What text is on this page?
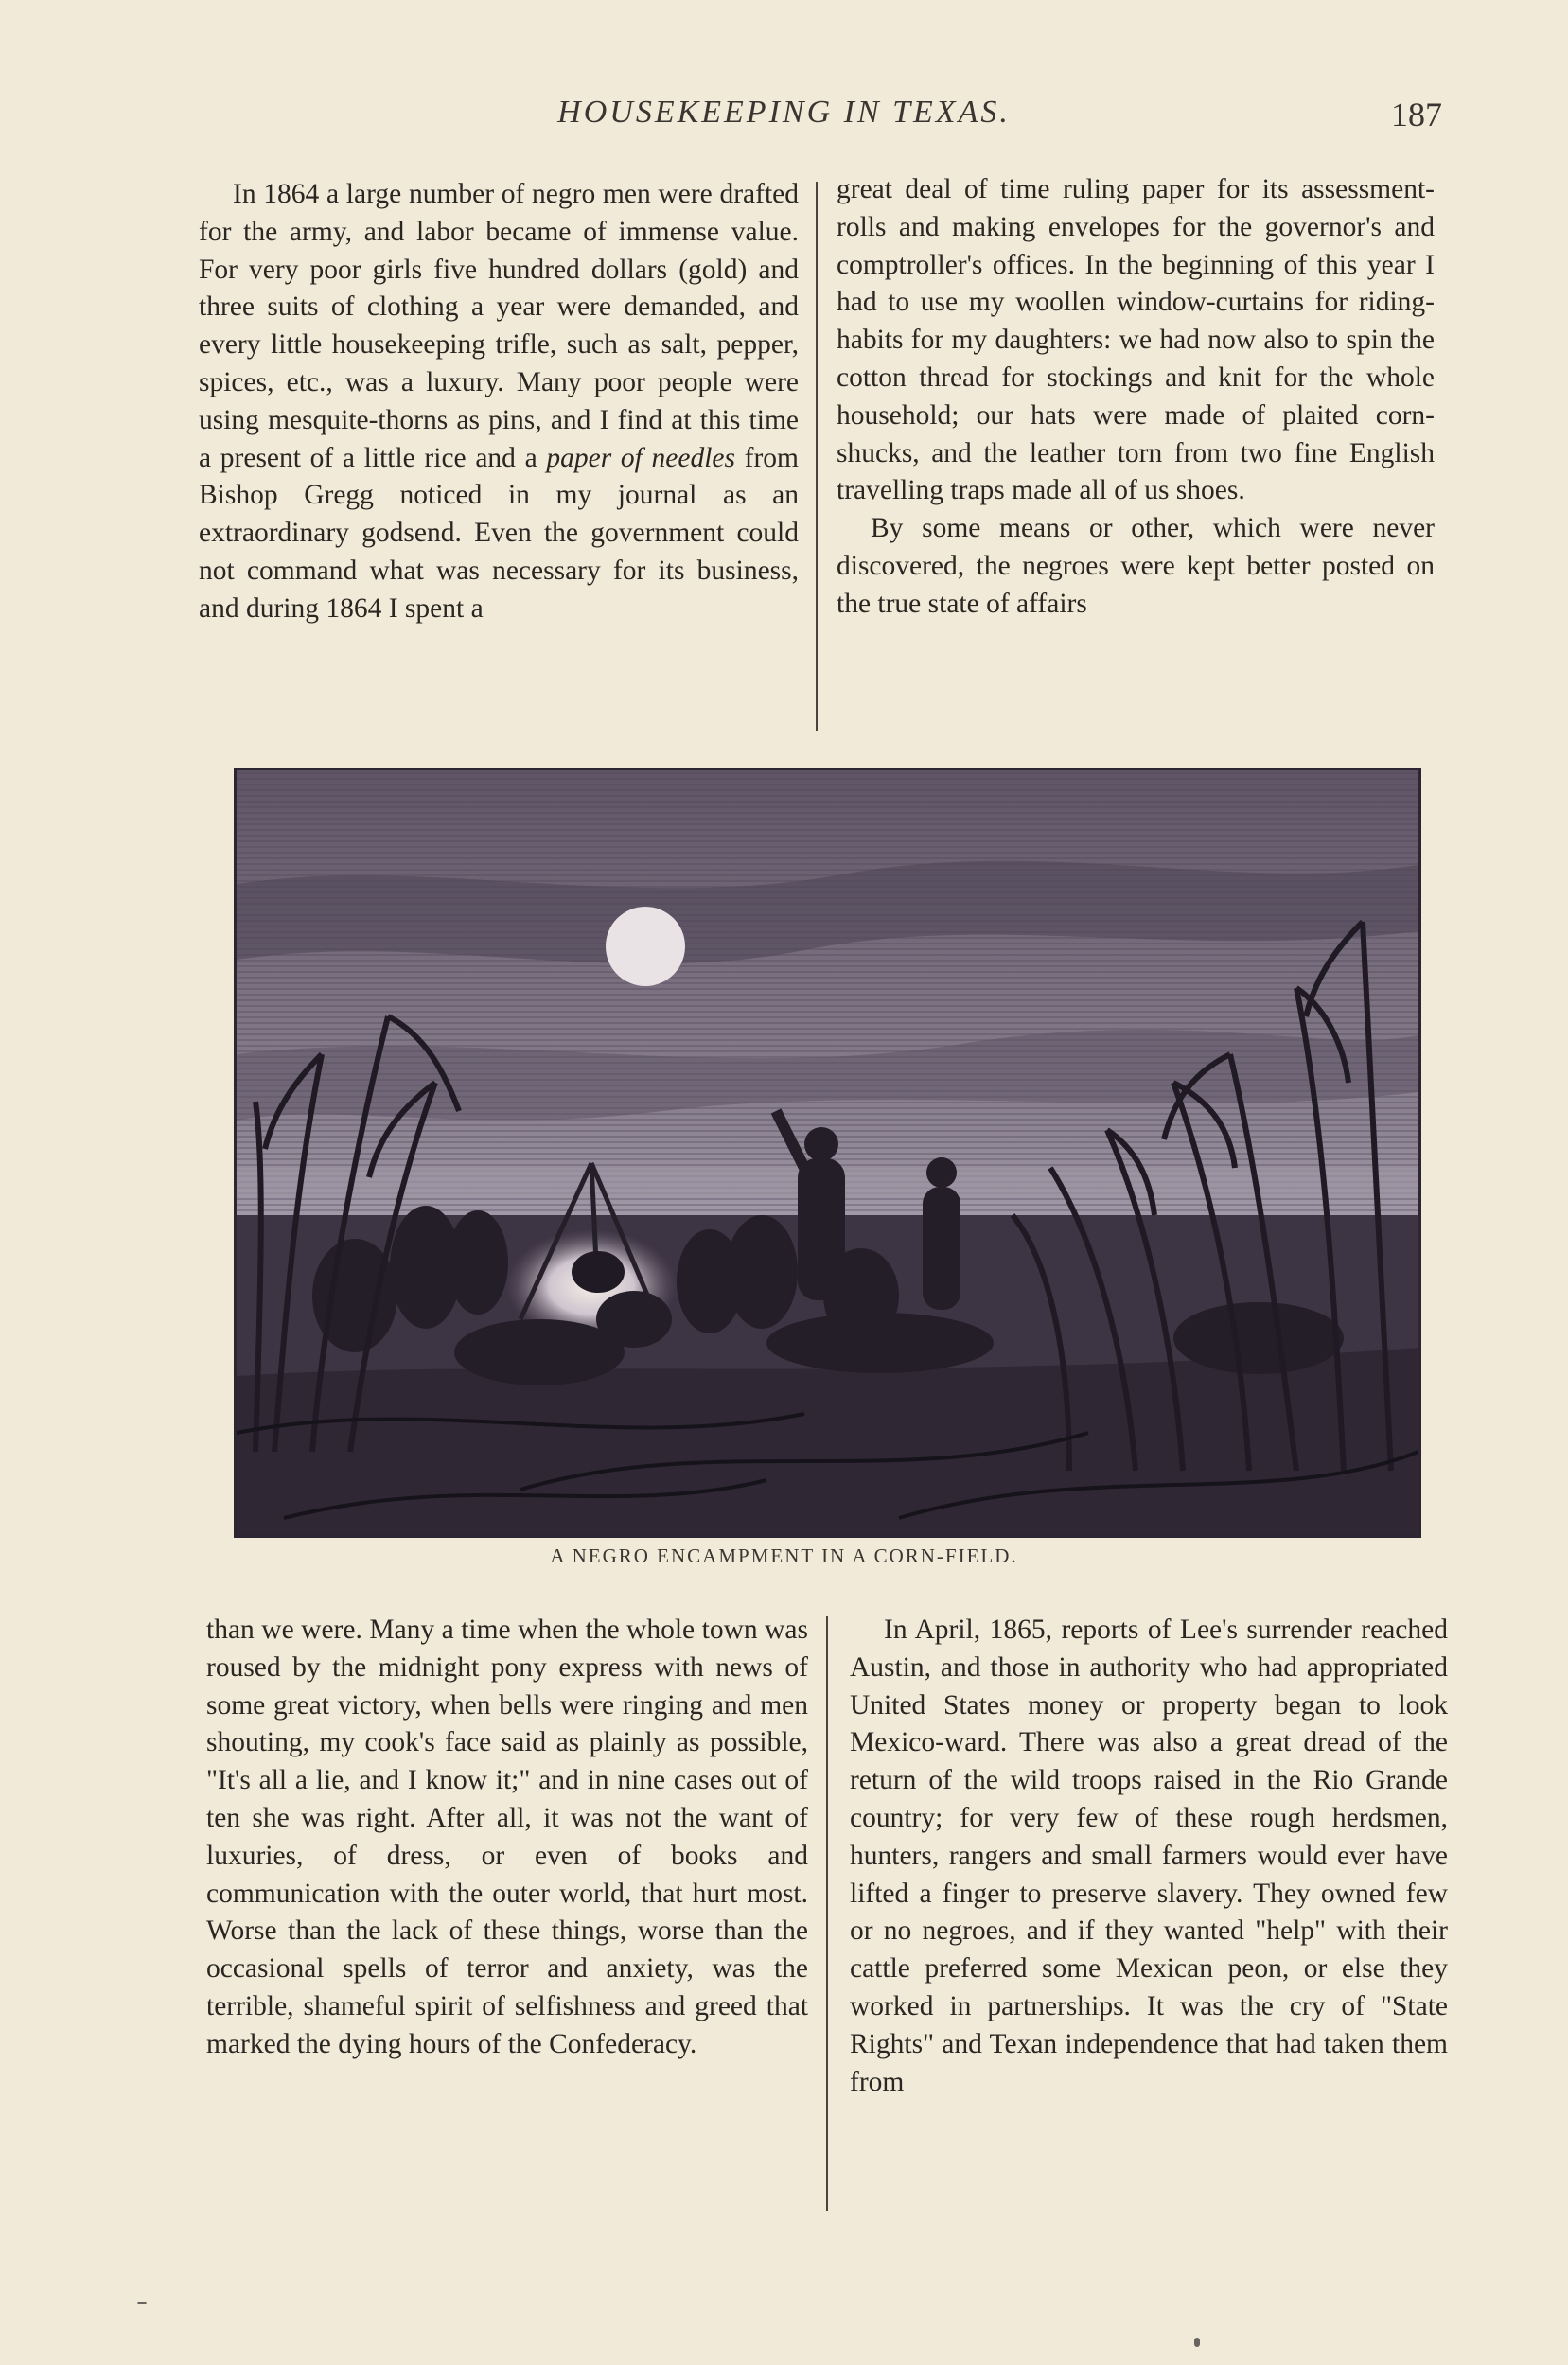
HOUSEKEEPING IN TEXAS.	187

In 1864 a large number of negro men were drafted for the army, and labor became of immense value. For very poor girls five hundred dollars (gold) and three suits of clothing a year were demanded, and every little housekeeping trifle, such as salt, pepper, spices, etc., was a luxury. Many poor people were using mesquite-thorns as pins, and I find at this time a present of a little rice and a paper of needles from Bishop Gregg noticed in my journal as an extraordinary godsend. Even the government could not command what was necessary for its business, and during 1864 I spent a

great deal of time ruling paper for its assessment-rolls and making envelopes for the governor's and comptroller's offices. In the beginning of this year I had to use my woollen window-curtains for riding-habits for my daughters: we had now also to spin the cotton thread for stockings and knit for the whole household; our hats were made of plaited corn-shucks, and the leather torn from two fine English travelling traps made all of us shoes.

By some means or other, which were never discovered, the negroes were kept better posted on the true state of affairs

A NEGRO ENCAMPMENT IN A CORN-FIELD.

than we were. Many a time when the whole town was roused by the midnight pony express with news of some great victory, when bells were ringing and men shouting, my cook's face said as plainly as possible, "It's all a lie, and I know it;" and in nine cases out of ten she was right. After all, it was not the want of luxuries, of dress, or even of books and communication with the outer world, that hurt most. Worse than the lack of these things, worse than the occasional spells of terror and anxiety, was the terrible, shameful spirit of selfishness and greed that marked the dying hours of the Confederacy.

In April, 1865, reports of Lee's surrender reached Austin, and those in authority who had appropriated United States money or property began to look Mexico-ward. There was also a great dread of the return of the wild troops raised in the Rio Grande country; for very few of these rough herdsmen, hunters, rangers and small farmers would ever have lifted a finger to preserve slavery. They owned few or no negroes, and if they wanted "help" with their cattle preferred some Mexican peon, or else they worked in partnerships. It was the cry of "State Rights" and Texan independence that had taken them from
